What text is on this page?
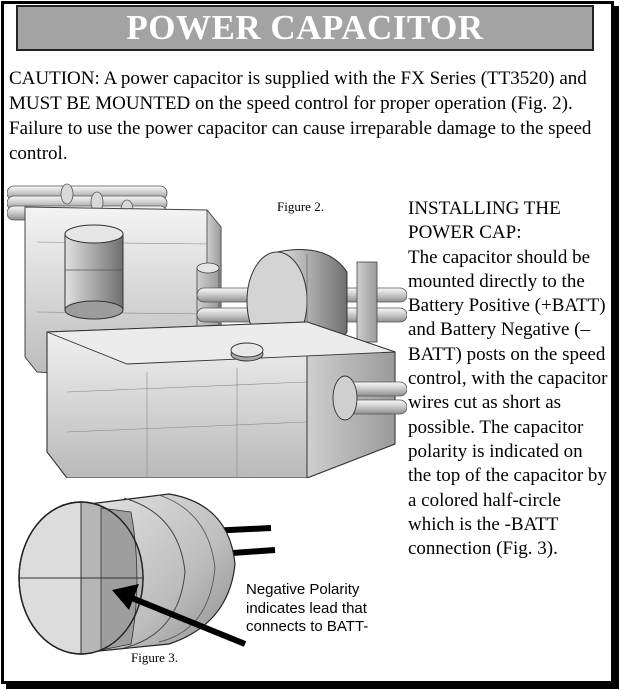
POWER CAPACITOR
CAUTION: A power capacitor is supplied with the FX Series (TT3520) and MUST BE MOUNTED on the speed control for proper operation (Fig. 2). Failure to use the power capacitor can cause irreparable damage to the speed control.
Figure 2.	INSTALLING THE POWER CAP:
The capacitor should be mounted directly to the Battery Positive (+BATT) and Battery Negative (–BATT) posts on the speed control, with the capacitor wires cut as short as possible. The capacitor polarity is indicated on the top of the capacitor by a colored half-circle which is the -BATT connection (Fig. 3).
Negative Polarity indicates lead that connects to BATT-
Figure 3.
